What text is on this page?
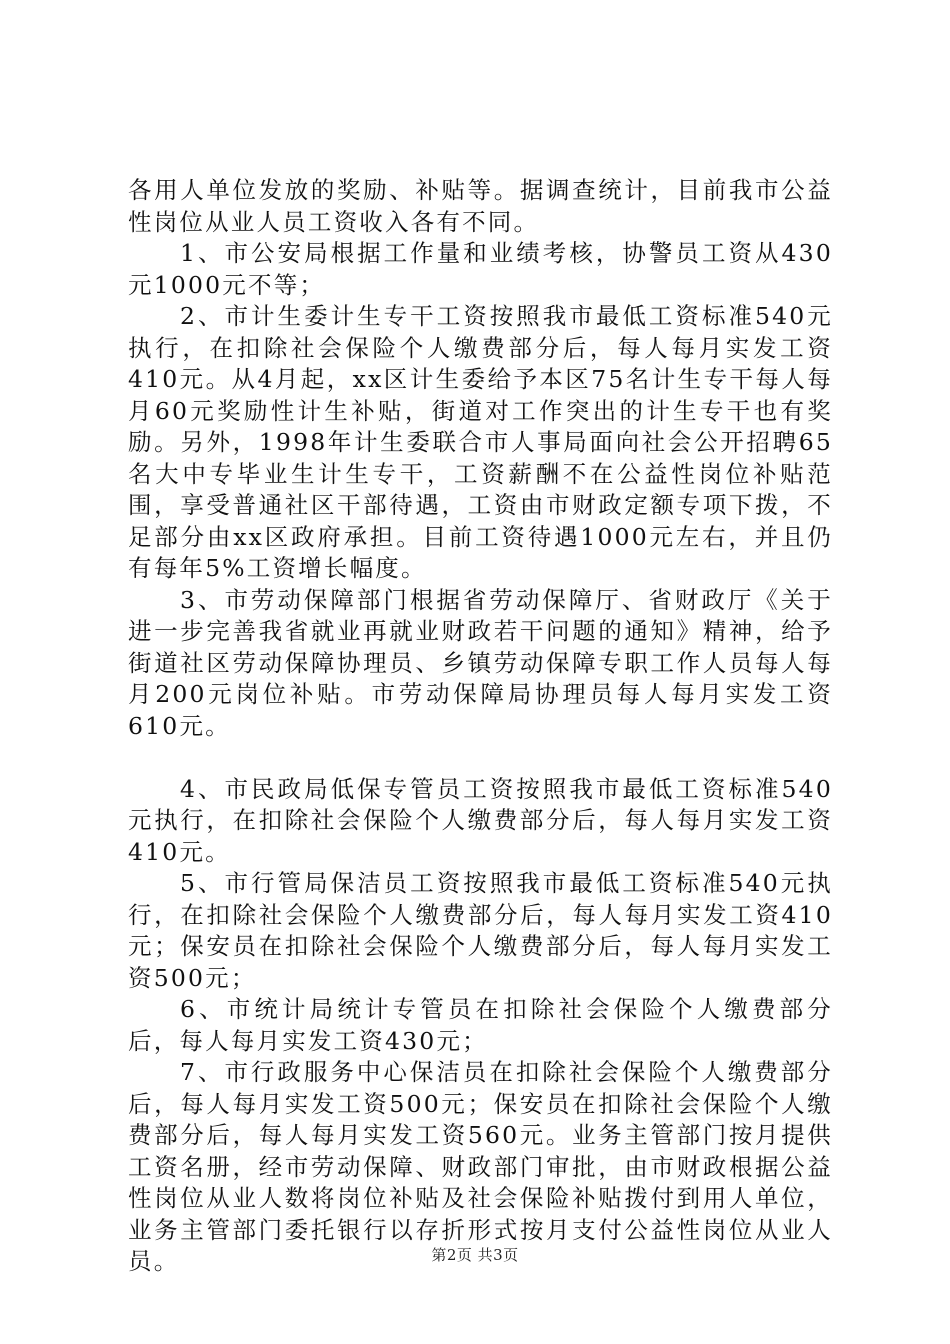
各用人单位发放的奖励、补贴等。据调查统计，目前我市公益性岗位从业人员工资收入各有不同。

1、市公安局根据工作量和业绩考核，协警员工资从430元1000元不等；

2、市计生委计生专干工资按照我市最低工资标准540元执行，在扣除社会保险个人缴费部分后，每人每月实发工资410元。从4月起，xx区计生委给予本区75名计生专干每人每月60元奖励性计生补贴，街道对工作突出的计生专干也有奖励。另外，1998年计生委联合市人事局面向社会公开招聘65名大中专毕业生计生专干，工资薪酬不在公益性岗位补贴范围，享受普通社区干部待遇，工资由市财政定额专项下拨，不足部分由xx区政府承担。目前工资待遇1000元左右，并且仍有每年5%工资增长幅度。

3、市劳动保障部门根据省劳动保障厅、省财政厅《关于进一步完善我省就业再就业财政若干问题的通知》精神，给予街道社区劳动保障协理员、乡镇劳动保障专职工作人员每人每月200元岗位补贴。市劳动保障局协理员每人每月实发工资610元。

4、市民政局低保专管员工资按照我市最低工资标准540元执行，在扣除社会保险个人缴费部分后，每人每月实发工资410元。

5、市行管局保洁员工资按照我市最低工资标准540元执行，在扣除社会保险个人缴费部分后，每人每月实发工资410元；保安员在扣除社会保险个人缴费部分后，每人每月实发工资500元；

6、市统计局统计专管员在扣除社会保险个人缴费部分后，每人每月实发工资430元；

7、市行政服务中心保洁员在扣除社会保险个人缴费部分后，每人每月实发工资500元；保安员在扣除社会保险个人缴费部分后，每人每月实发工资560元。业务主管部门按月提供工资名册，经市劳动保障、财政部门审批，由市财政根据公益性岗位从业人数将岗位补贴及社会保险补贴拨付到用人单位，业务主管部门委托银行以存折形式按月支付公益性岗位从业人员。	第2页 共3页
